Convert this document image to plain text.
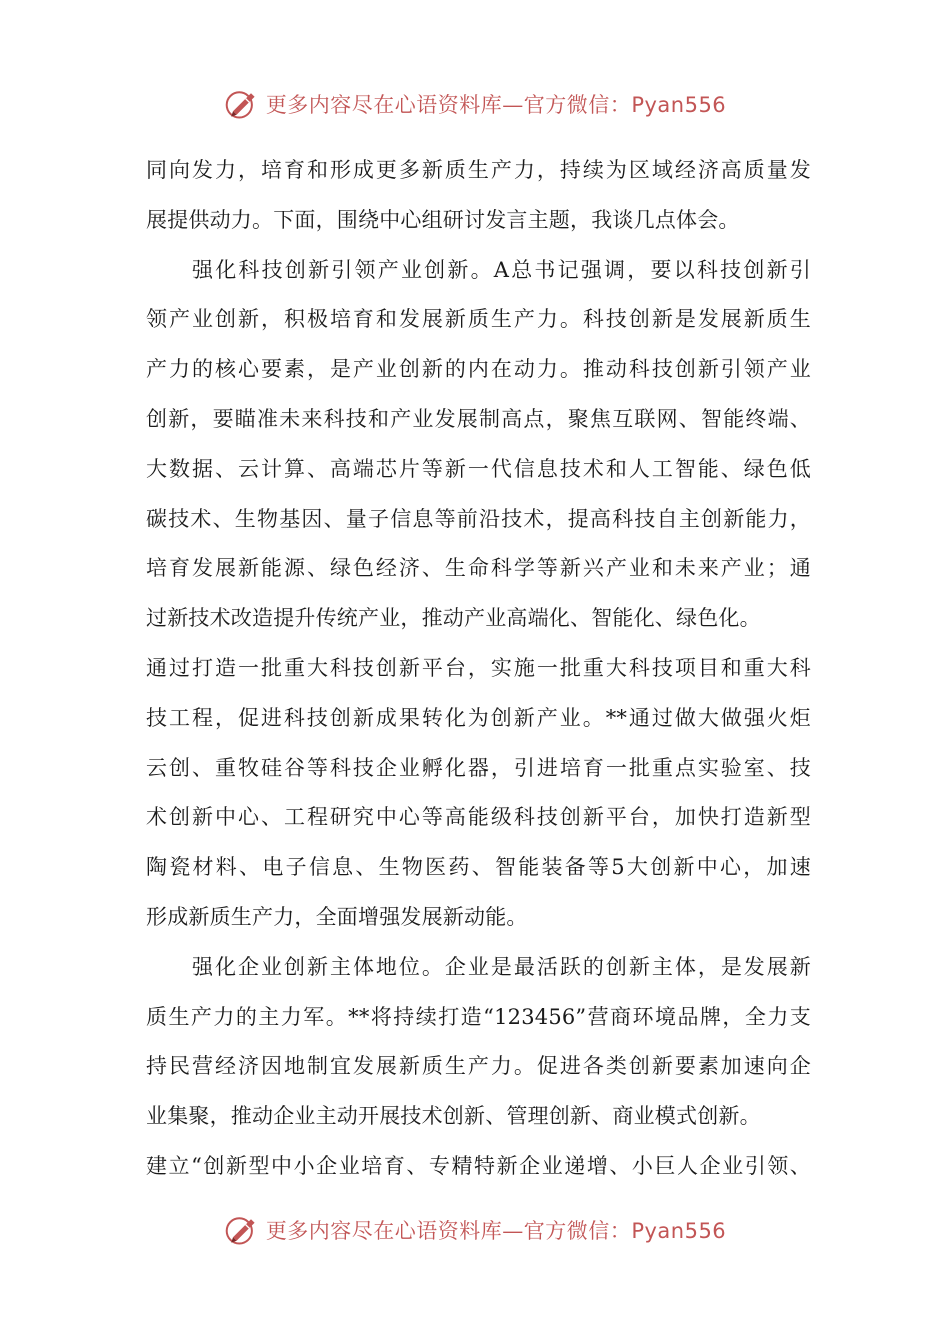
更多内容尽在心语资料库—官方微信：Pyan556
同向发力，培育和形成更多新质生产力，持续为区域经济高质量发
展提供动力。下面，围绕中心组研讨发言主题，我谈几点体会。
强化科技创新引领产业创新。A总书记强调，要以科技创新引
领产业创新，积极培育和发展新质生产力。科技创新是发展新质生
产力的核心要素，是产业创新的内在动力。推动科技创新引领产业
创新，要瞄准未来科技和产业发展制高点，聚焦互联网、智能终端、
大数据、云计算、高端芯片等新一代信息技术和人工智能、绿色低
碳技术、生物基因、量子信息等前沿技术，提高科技自主创新能力，
培育发展新能源、绿色经济、生命科学等新兴产业和未来产业；通
过新技术改造提升传统产业，推动产业高端化、智能化、绿色化。
通过打造一批重大科技创新平台，实施一批重大科技项目和重大科
技工程，促进科技创新成果转化为创新产业。**通过做大做强火炬
云创、重牧硅谷等科技企业孵化器，引进培育一批重点实验室、技
术创新中心、工程研究中心等高能级科技创新平台，加快打造新型
陶瓷材料、电子信息、生物医药、智能装备等5大创新中心，加速
形成新质生产力，全面增强发展新动能。
强化企业创新主体地位。企业是最活跃的创新主体，是发展新
质生产力的主力军。**将持续打造“123456”营商环境品牌，全力支
持民营经济因地制宜发展新质生产力。促进各类创新要素加速向企
业集聚，推动企业主动开展技术创新、管理创新、商业模式创新。
建立“创新型中小企业培育、专精特新企业递增、小巨人企业引领、
更多内容尽在心语资料库—官方微信：Pyan556
